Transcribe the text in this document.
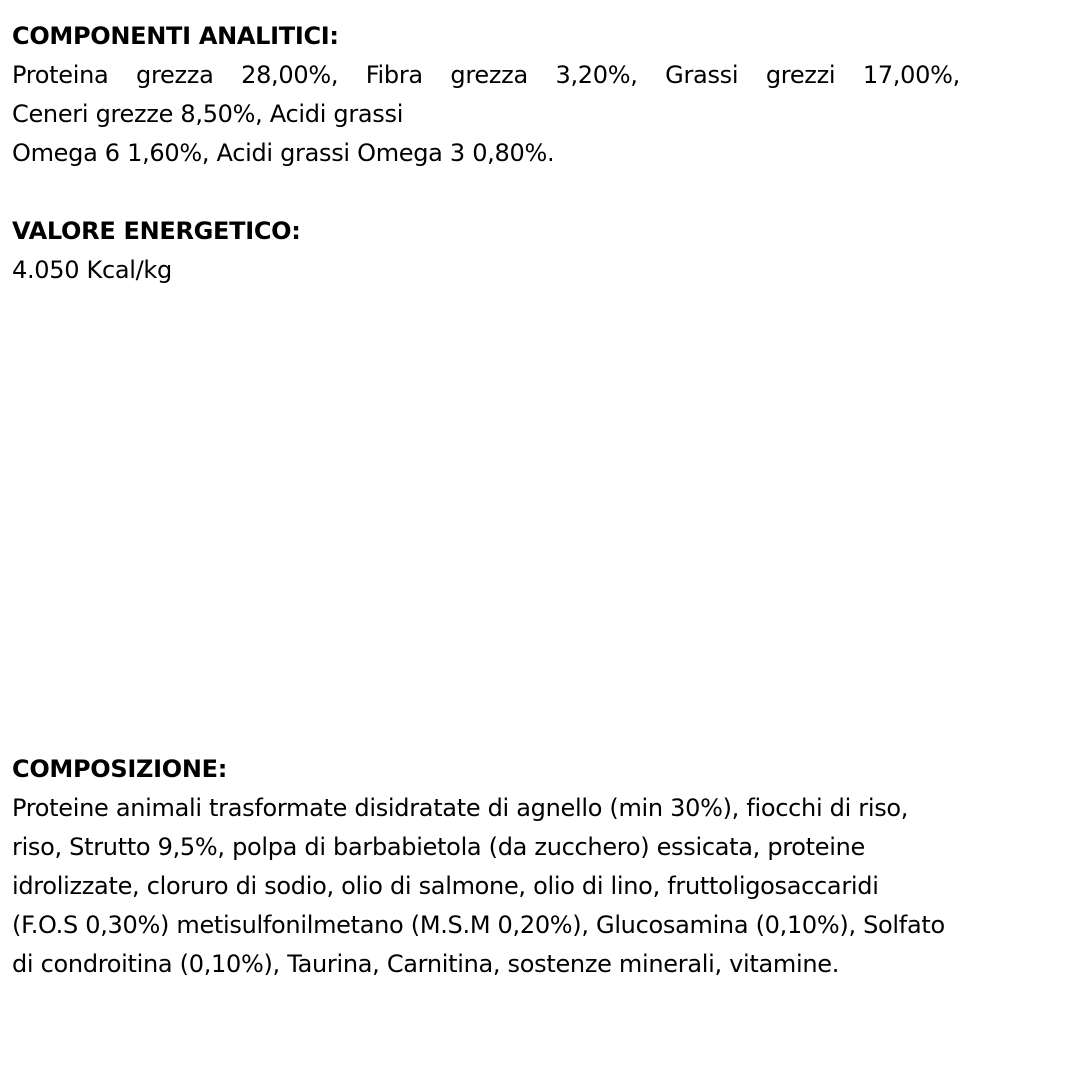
COMPONENTI ANALITICI:

Proteina grezza 28,00%, Fibra grezza 3,20%, Grassi grezzi 17,00%,

Ceneri grezze 8,50%, Acidi grassi

Omega 6 1,60%, Acidi grassi Omega 3 0,80%.

VALORE ENERGETICO:

4.050 Kcal/kg

COMPOSIZIONE:

Proteine animali trasformate disidratate di agnello (min 30%), fiocchi di riso,

riso, Strutto 9,5%, polpa di barbabietola (da zucchero) essicata, proteine

idrolizzate, cloruro di sodio, olio di salmone, olio di lino, fruttoligosaccaridi

(F.O.S 0,30%) metisulfonilmetano (M.S.M 0,20%), Glucosamina (0,10%), Solfato

di condroitina (0,10%), Taurina, Carnitina, sostenze minerali, vitamine.
